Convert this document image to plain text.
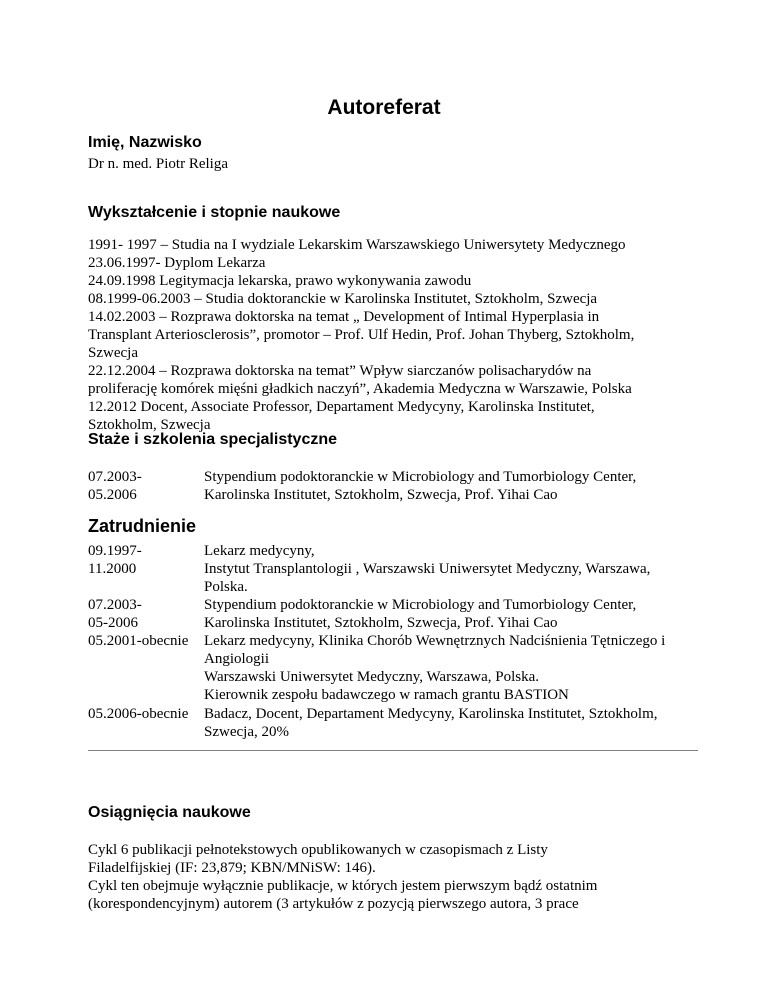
Autoreferat
Imię, Nazwisko
Dr n. med. Piotr Religa
Wykształcenie i stopnie naukowe
1991- 1997 – Studia na I wydziale Lekarskim Warszawskiego Uniwersytety Medycznego
23.06.1997- Dyplom Lekarza
24.09.1998 Legitymacja lekarska, prawo wykonywania zawodu
08.1999-06.2003 – Studia doktoranckie w Karolinska Institutet, Sztokholm, Szwecja
14.02.2003 – Rozprawa doktorska na temat „ Development of Intimal Hyperplasia in
Transplant Arteriosclerosis”, promotor – Prof. Ulf Hedin, Prof. Johan Thyberg, Sztokholm,
Szwecja
22.12.2004 – Rozprawa doktorska na temat” Wpływ siarczanów polisacharydów na
proliferację komórek mięśni gładkich naczyń”, Akademia Medyczna w Warszawie, Polska
12.2012 Docent, Associate Professor, Departament Medycyny, Karolinska Institutet,
Sztokholm, Szwecja
Staże i szkolenia specjalistyczne
07.2003-
05.2006
Stypendium podoktoranckie w Microbiology and Tumorbiology Center,
Karolinska Institutet, Sztokholm, Szwecja, Prof. Yihai Cao
Zatrudnienie
09.1997-
11.2000
Lekarz medycyny,
Instytut Transplantologii , Warszawski Uniwersytet Medyczny, Warszawa,
Polska.
07.2003-
05-2006
Stypendium podoktoranckie w Microbiology and Tumorbiology Center,
Karolinska Institutet, Sztokholm, Szwecja, Prof. Yihai Cao
05.2001-obecnie	Lekarz medycyny, Klinika Chorób Wewnętrznych Nadciśnienia Tętniczego i
Angiologii
Warszawski Uniwersytet Medyczny, Warszawa, Polska.
Kierownik zespołu badawczego w ramach grantu BASTION
05.2006-obecnie	Badacz, Docent, Departament Medycyny, Karolinska Institutet, Sztokholm,
Szwecja, 20%
Osiągnięcia naukowe
Cykl 6 publikacji pełnotekstowych opublikowanych w czasopismach z Listy
Filadelfijskiej (IF: 23,879; KBN/MNiSW: 146).
Cykl ten obejmuje wyłącznie publikacje, w których jestem pierwszym bądź ostatnim
(korespondencyjnym) autorem (3 artykułów z pozycją pierwszego autora, 3 prace
